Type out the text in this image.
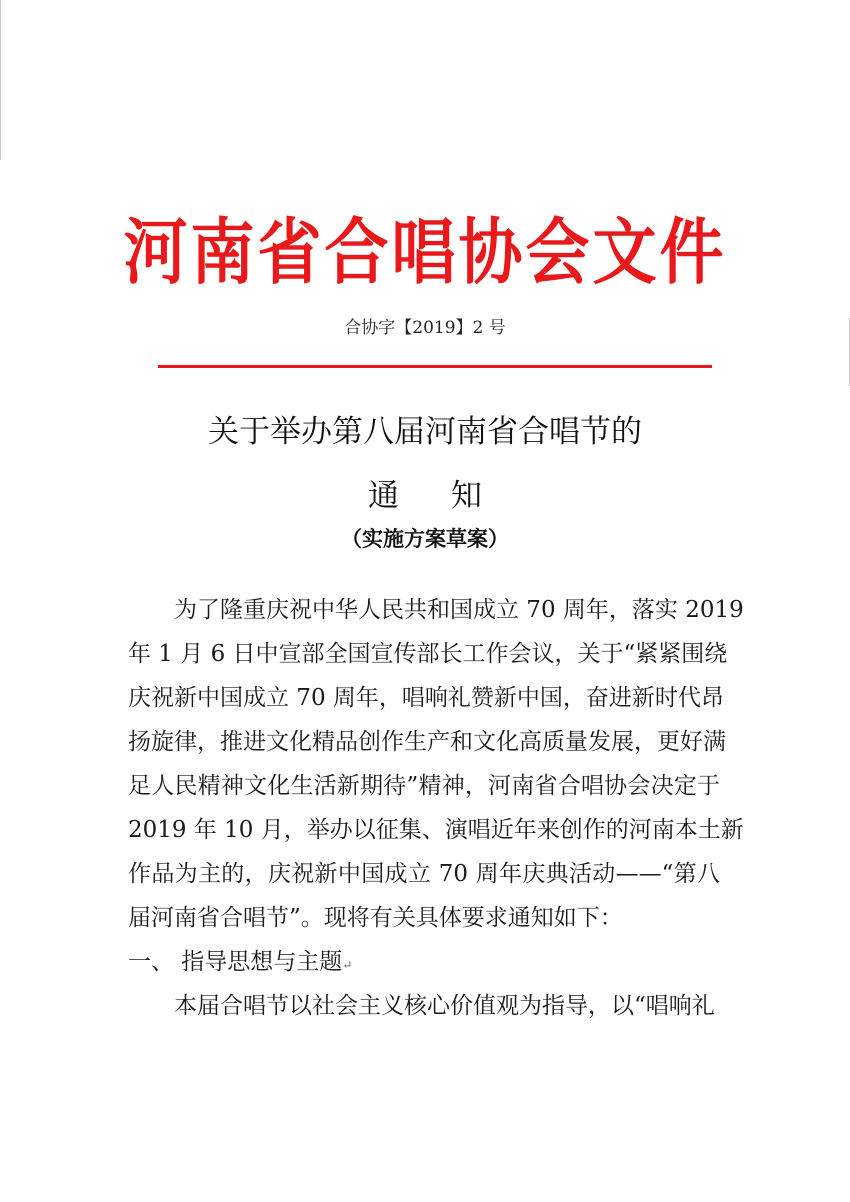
河南省合唱协会文件
合协字【2019】2 号
关于举办第八届河南省合唱节的
通知
（实施方案草案）
为了隆重庆祝中华人民共和国成立 70 周年，落实 2019
年 1 月 6 日中宣部全国宣传部长工作会议，关于“紧紧围绕
庆祝新中国成立 70 周年，唱响礼赞新中国，奋进新时代昂
扬旋律，推进文化精品创作生产和文化高质量发展，更好满
足人民精神文化生活新期待”精神，河南省合唱协会决定于
2019 年 10 月，举办以征集、演唱近年来创作的河南本土新
作品为主的，庆祝新中国成立 70 周年庆典活动——“第八
届河南省合唱节”。现将有关具体要求通知如下：
一、 指导思想与主题↵
本届合唱节以社会主义核心价值观为指导，以“唱响礼
